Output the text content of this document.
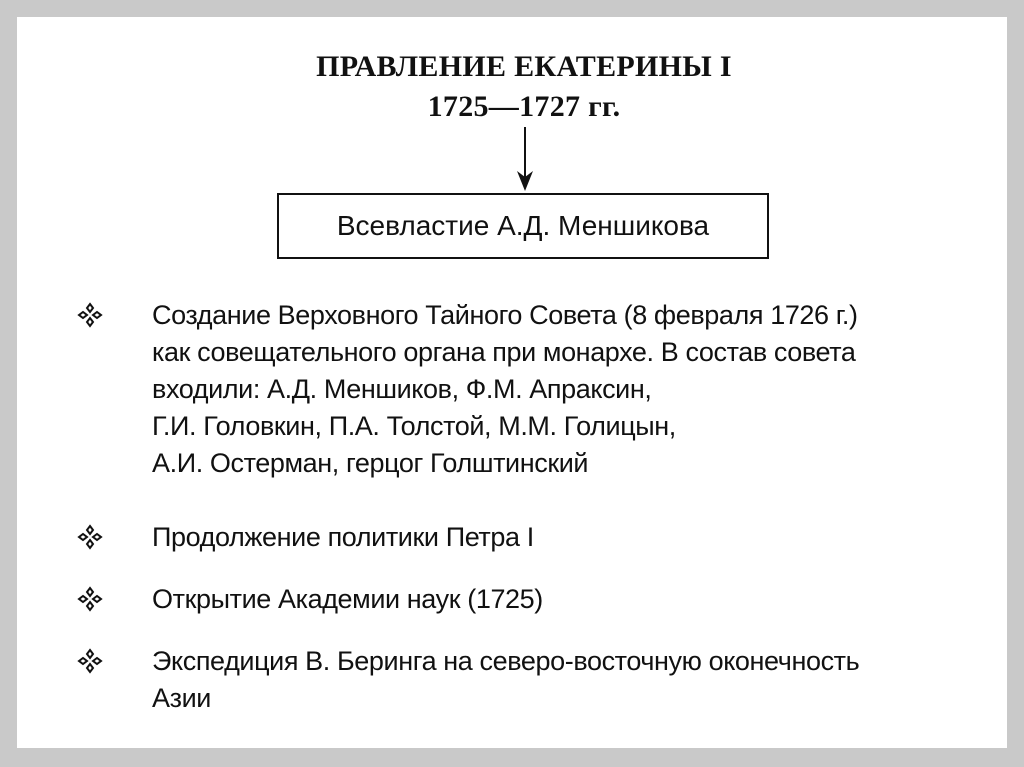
ПРАВЛЕНИЕ ЕКАТЕРИНЫ I
1725—1727 гг.
Всевластие А.Д. Меншикова
Создание Верховного Тайного Совета (8 февраля 1726 г.)
как совещательного органа при монархе. В состав совета
входили: А.Д. Меншиков, Ф.М. Апраксин,
Г.И. Головкин, П.А. Толстой, М.М. Голицын,
А.И. Остерман, герцог Голштинский
Продолжение политики Петра I
Открытие Академии наук (1725)
Экспедиция В. Беринга на северо-восточную оконечность
Азии
